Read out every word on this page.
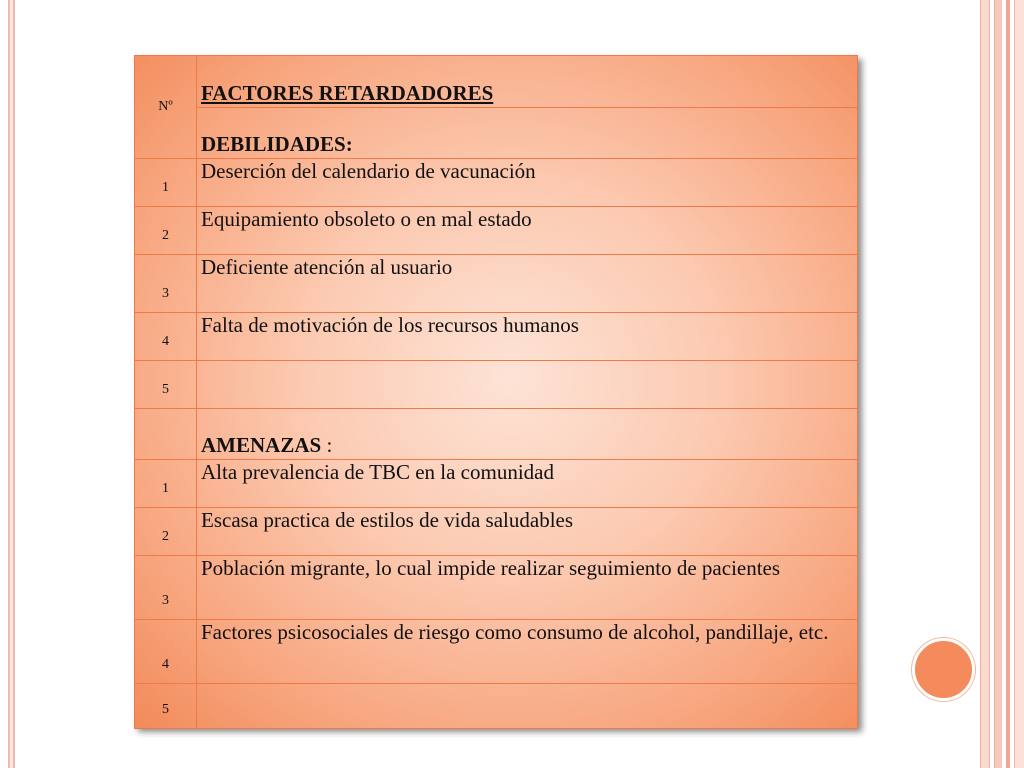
Nº	FACTORES RETARDADORES
	DEBILIDADES:
1	Deserción del calendario de vacunación
2	Equipamiento obsoleto o en mal estado
3	Deficiente atención al usuario
4	Falta de motivación de los recursos humanos
5	
	AMENAZAS :
1	Alta prevalencia de TBC en la comunidad
2	Escasa practica de estilos de vida saludables
3	Población migrante, lo cual impide realizar seguimiento de pacientes
4	Factores psicosociales de riesgo como consumo de alcohol, pandillaje, etc.
5	
